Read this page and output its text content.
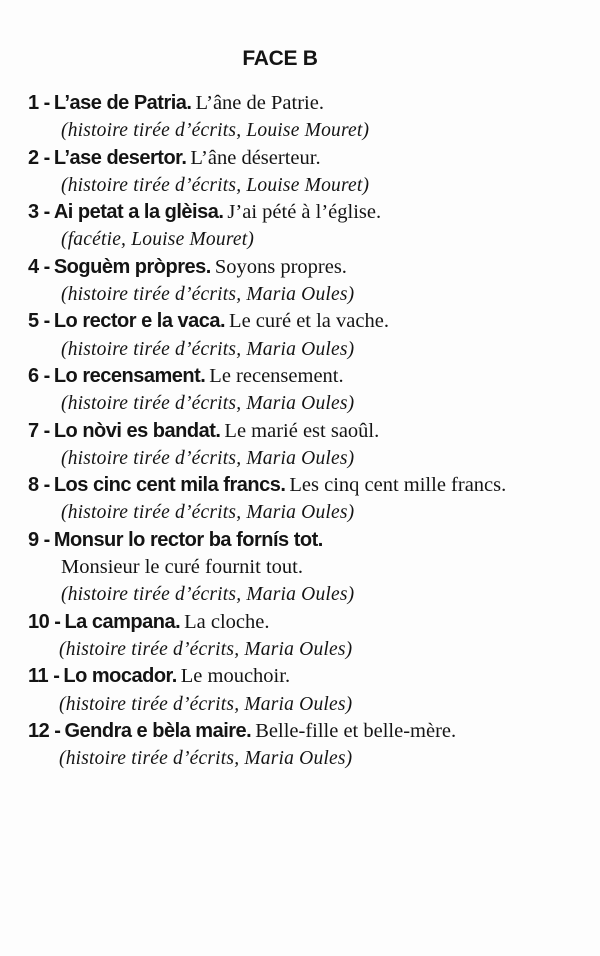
FACE B
1 - L’ase de Patria. L’âne de Patrie.
(histoire tirée d’écrits, Louise Mouret)
2 - L’ase desertor. L’âne déserteur.
(histoire tirée d’écrits, Louise Mouret)
3 - Ai petat a la glèisa. J’ai pété à l’église.
(facétie, Louise Mouret)
4 - Soguèm pròpres. Soyons propres.
(histoire tirée d’écrits, Maria Oules)
5 - Lo rector e la vaca. Le curé et la vache.
(histoire tirée d’écrits, Maria Oules)
6 - Lo recensament. Le recensement.
(histoire tirée d’écrits, Maria Oules)
7 - Lo nòvi es bandat. Le marié est saoûl.
(histoire tirée d’écrits, Maria Oules)
8 - Los cinc cent mila francs. Les cinq cent mille francs.
(histoire tirée d’écrits, Maria Oules)
9 - Monsur lo rector ba fornís tot.
Monsieur le curé fournit tout.
(histoire tirée d’écrits, Maria Oules)
10 - La campana. La cloche.
(histoire tirée d’écrits, Maria Oules)
11 - Lo mocador. Le mouchoir.
(histoire tirée d’écrits, Maria Oules)
12 - Gendra e bèla maire. Belle-fille et belle-mère.
(histoire tirée d’écrits, Maria Oules)
